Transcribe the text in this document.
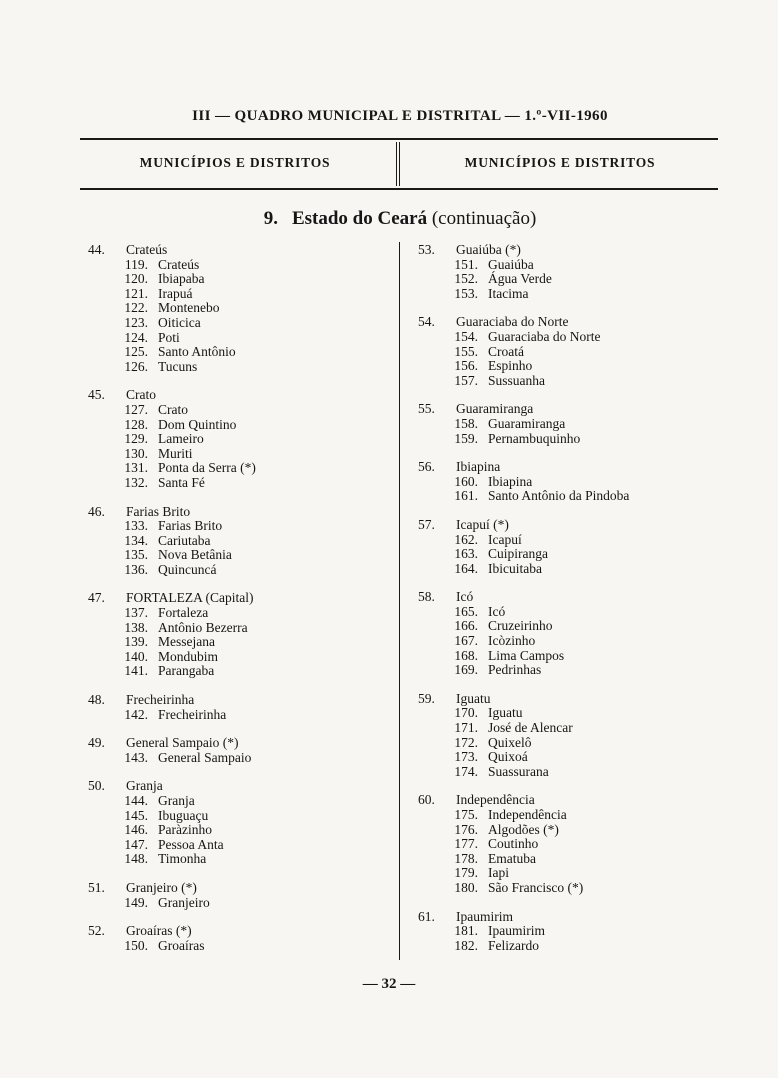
III — QUADRO MUNICIPAL E DISTRITAL — 1.º-VII-1960
MUNICÍPIOS E DISTRITOS	MUNICÍPIOS E DISTRITOS
9. Estado do Ceará (continuação)
44. Crateús
119. Crateús
120. Ibiapaba
121. Irapuá
122. Montenebo
123. Oiticica
124. Poti
125. Santo Antônio
126. Tucuns
45. Crato
127. Crato
128. Dom Quintino
129. Lameiro
130. Muriti
131. Ponta da Serra (*)
132. Santa Fé
46. Farias Brito
133. Farias Brito
134. Cariutaba
135. Nova Betânia
136. Quincuncá
47. FORTALEZA (Capital)
137. Fortaleza
138. Antônio Bezerra
139. Messejana
140. Mondubim
141. Parangaba
48. Frecheirinha
142. Frecheirinha
49. General Sampaio (*)
143. General Sampaio
50. Granja
144. Granja
145. Ibuguaçu
146. Paràzinho
147. Pessoa Anta
148. Timonha
51. Granjeiro (*)
149. Granjeiro
52. Groaíras (*)
150. Groaíras
53. Guaiúba (*)
151. Guaiúba
152. Água Verde
153. Itacima
54. Guaraciaba do Norte
154. Guaraciaba do Norte
155. Croatá
156. Espinho
157. Sussuanha
55. Guaramiranga
158. Guaramiranga
159. Pernambuquinho
56. Ibiapina
160. Ibiapina
161. Santo Antônio da Pindoba
57. Icapuí (*)
162. Icapuí
163. Cuipiranga
164. Ibicuitaba
58. Icó
165. Icó
166. Cruzeirinho
167. Icòzinho
168. Lima Campos
169. Pedrinhas
59. Iguatu
170. Iguatu
171. José de Alencar
172. Quixelô
173. Quixoá
174. Suassurana
60. Independência
175. Independência
176. Algodões (*)
177. Coutinho
178. Ematuba
179. Iapi
180. São Francisco (*)
61. Ipaumirim
181. Ipaumirim
182. Felizardo
— 32 —
